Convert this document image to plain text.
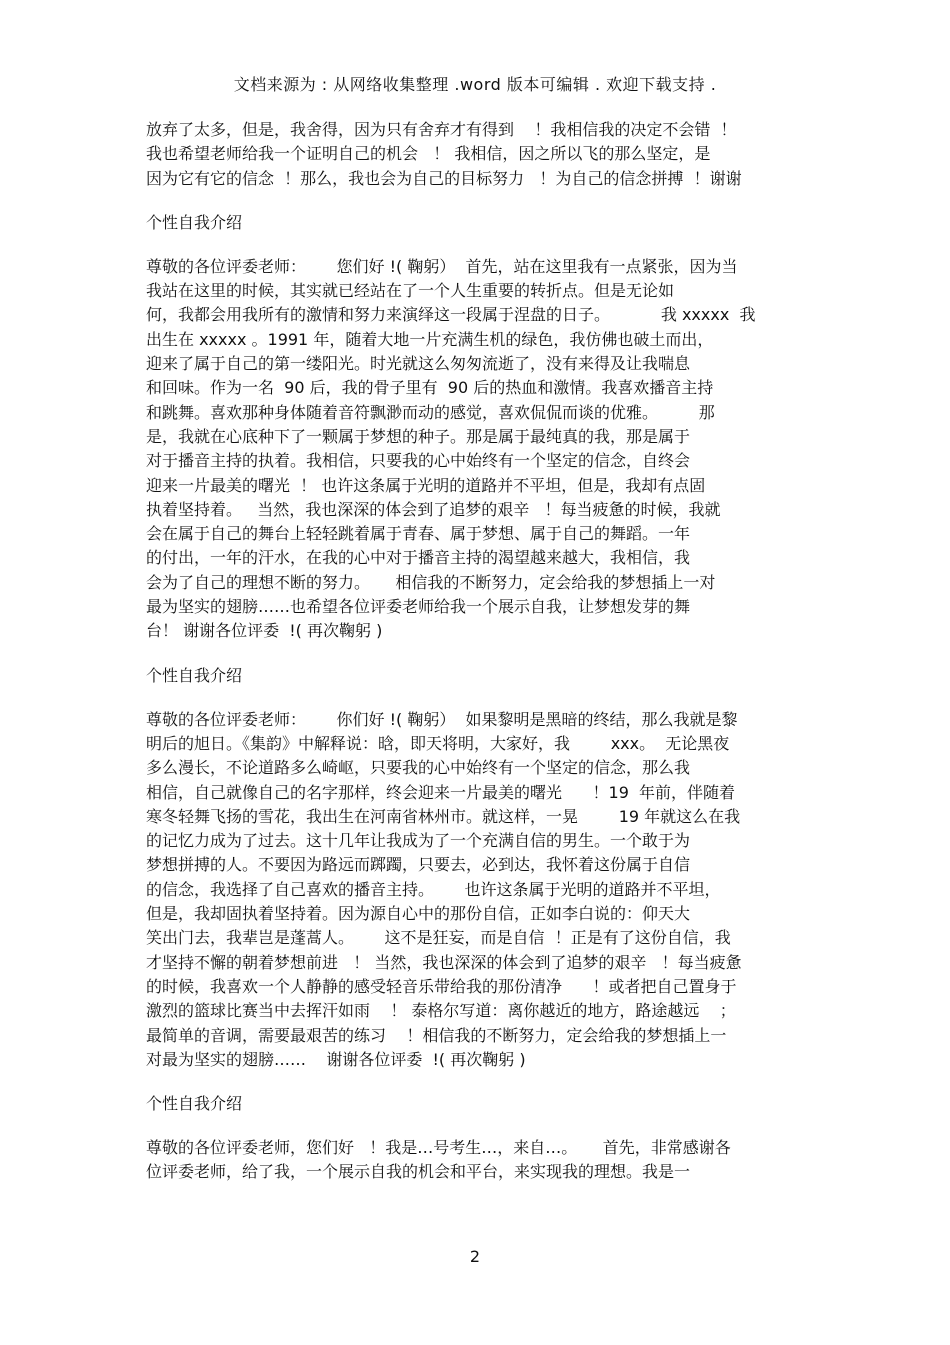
文档来源为 : 从网络收集整理 .word 版本可编辑 . 欢迎下载支持 .
放弃了太多，但是，我舍得，因为只有舍弃才有得到    ！我相信我的决定不会错  ！
我也希望老师给我一个证明自己的机会   ！ 我相信，因之所以飞的那么坚定，是
因为它有它的信念  ！那么，我也会为自己的目标努力   ！为自己的信念拼搏  ！谢谢
个性自我介绍
尊敬的各位评委老师：      您们好 !( 鞠躬）  首先，站在这里我有一点紧张，因为当
我站在这里的时候，其实就已经站在了一个人生重要的转折点。但是无论如
何，我都会用我所有的激情和努力来演绎这一段属于涅盘的日子。          我 xxxxx  我
出生在 xxxxx 。1991 年，随着大地一片充满生机的绿色，我仿佛也破土而出，
迎来了属于自己的第一缕阳光。时光就这么匆匆流逝了，没有来得及让我喘息
和回味。作为一名  90 后，我的骨子里有  90 后的热血和激情。我喜欢播音主持
和跳舞。喜欢那种身体随着音符飘渺而动的感觉，喜欢侃侃而谈的优雅。        那
是，我就在心底种下了一颗属于梦想的种子。那是属于最纯真的我，那是属于
对于播音主持的执着。我相信，只要我的心中始终有一个坚定的信念，自终会
迎来一片最美的曙光  ！ 也许这条属于光明的道路并不平坦，但是，我却有点固
执着坚持着。   当然，我也深深的体会到了追梦的艰辛   ！每当疲惫的时候，我就
会在属于自己的舞台上轻轻跳着属于青春、属于梦想、属于自己的舞蹈。一年
的付出，一年的汗水，在我的心中对于播音主持的渴望越来越大，我相信，我
会为了自己的理想不断的努力。     相信我的不断努力，定会给我的梦想插上一对
最为坚实的翅膀……也希望各位评委老师给我一个展示自我，让梦想发芽的舞
台！ 谢谢各位评委  !( 再次鞠躬 )
个性自我介绍
尊敬的各位评委老师：      你们好 !( 鞠躬）  如果黎明是黑暗的终结，那么我就是黎
明后的旭日。《集韵》中解释说：晗，即天将明，大家好，我        xxx。  无论黑夜
多么漫长，不论道路多么崎岖，只要我的心中始终有一个坚定的信念，那么我
相信，自己就像自己的名字那样，终会迎来一片最美的曙光      ！19  年前，伴随着
寒冬轻舞飞扬的雪花，我出生在河南省林州市。就这样，一晃        19 年就这么在我
的记忆力成为了过去。这十几年让我成为了一个充满自信的男生。一个敢于为
梦想拼搏的人。不要因为路远而踯躅，只要去，必到达，我怀着这份属于自信
的信念，我选择了自己喜欢的播音主持。      也许这条属于光明的道路并不平坦，
但是，我却固执着坚持着。因为源自心中的那份自信，正如李白说的：仰天大
笑出门去，我辈岂是蓬蒿人。      这不是狂妄，而是自信  ！正是有了这份自信，我
才坚持不懈的朝着梦想前进   ！ 当然，我也深深的体会到了追梦的艰辛   ！每当疲惫
的时候，我喜欢一个人静静的感受轻音乐带给我的那份清净      ！或者把自己置身于
激烈的篮球比赛当中去挥汗如雨    ！ 泰格尔写道：离你越近的地方，路途越远    ；
最简单的音调，需要最艰苦的练习    ！相信我的不断努力，定会给我的梦想插上一
对最为坚实的翅膀……    谢谢各位评委  !( 再次鞠躬 )
个性自我介绍
尊敬的各位评委老师，您们好   ！我是…号考生…，来自…。     首先，非常感谢各
位评委老师，给了我，一个展示自我的机会和平台，来实现我的理想。我是一
2
